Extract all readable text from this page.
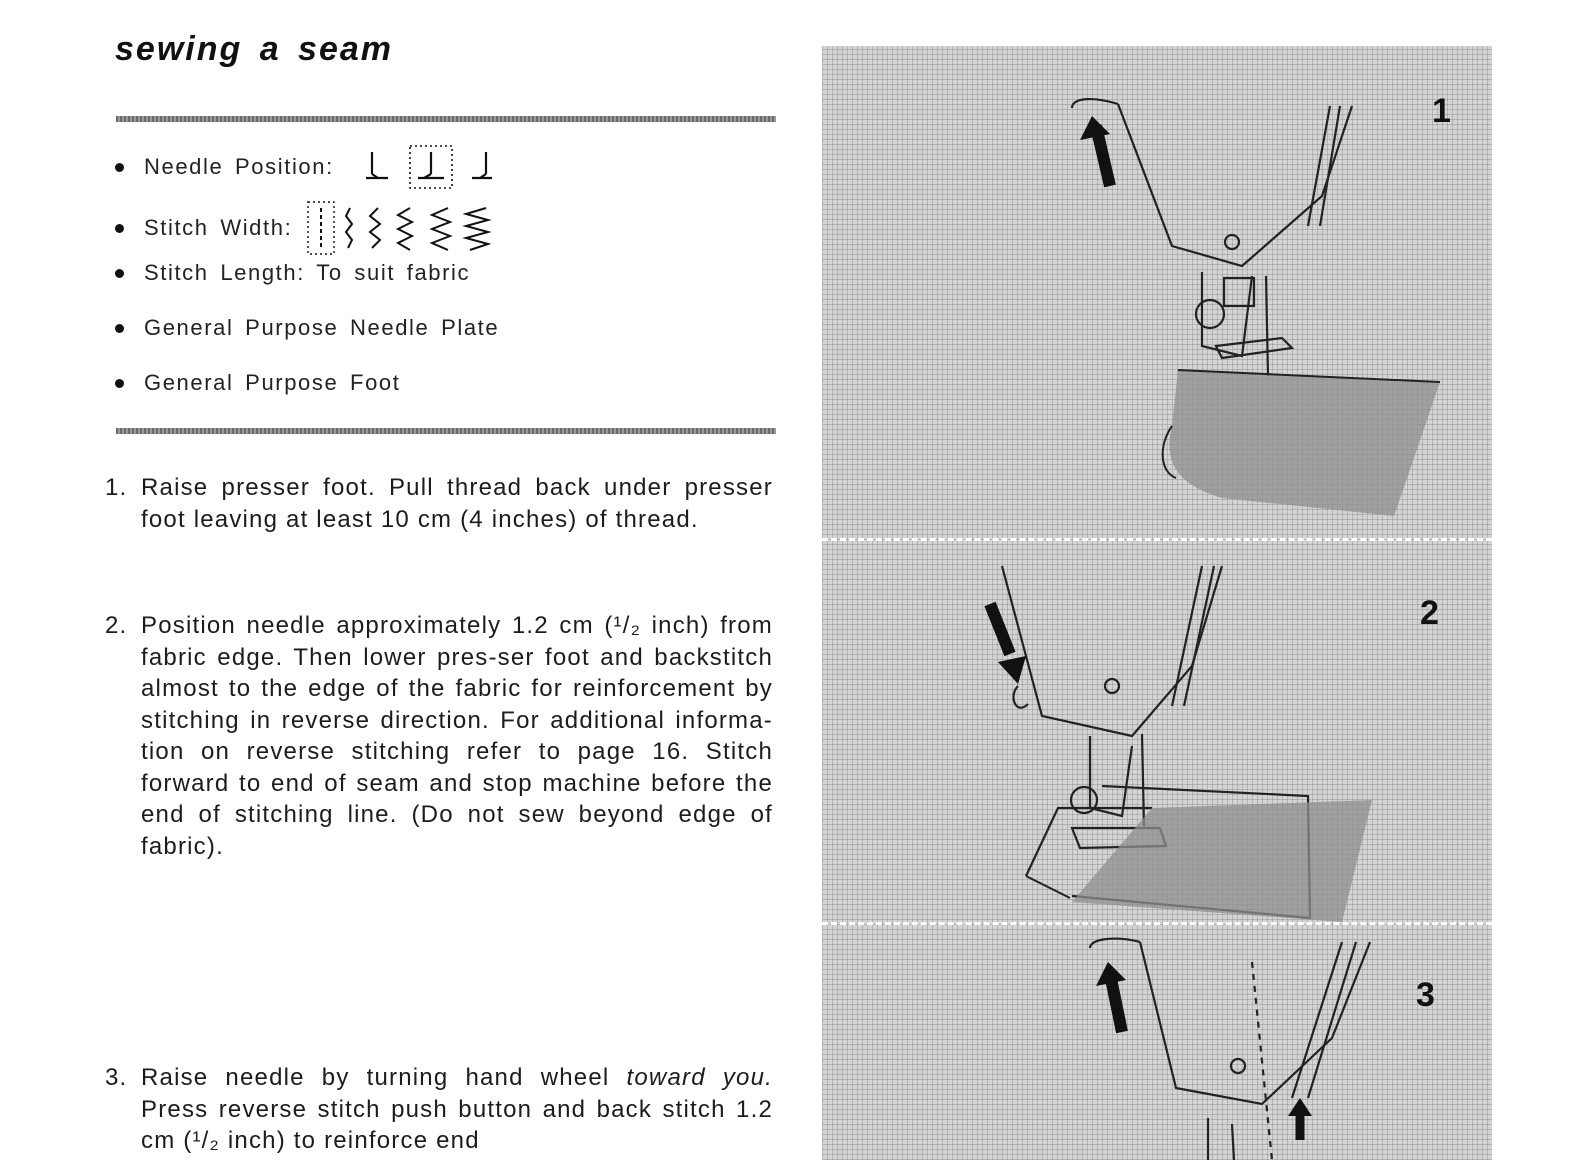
sewing a seam
Needle Position:
Stitch Width:
Stitch Length: To suit fabric
General Purpose Needle Plate
General Purpose Foot
1. Raise presser foot. Pull thread back under presser foot leaving at least 10 cm (4 inches) of thread.
2. Position needle approximately 1.2 cm (¹/₂ inch) from fabric edge. Then lower pres-ser foot and backstitch almost to the edge of the fabric for reinforcement by stitching in reverse direction. For additional informa-tion on reverse stitching refer to page 16. Stitch forward to end of seam and stop machine before the end of stitching line. (Do not sew beyond edge of fabric).
3. Raise needle by turning hand wheel toward you. Press reverse stitch push button and back stitch 1.2 cm (¹/₂ inch) to reinforce end
1
2
3
